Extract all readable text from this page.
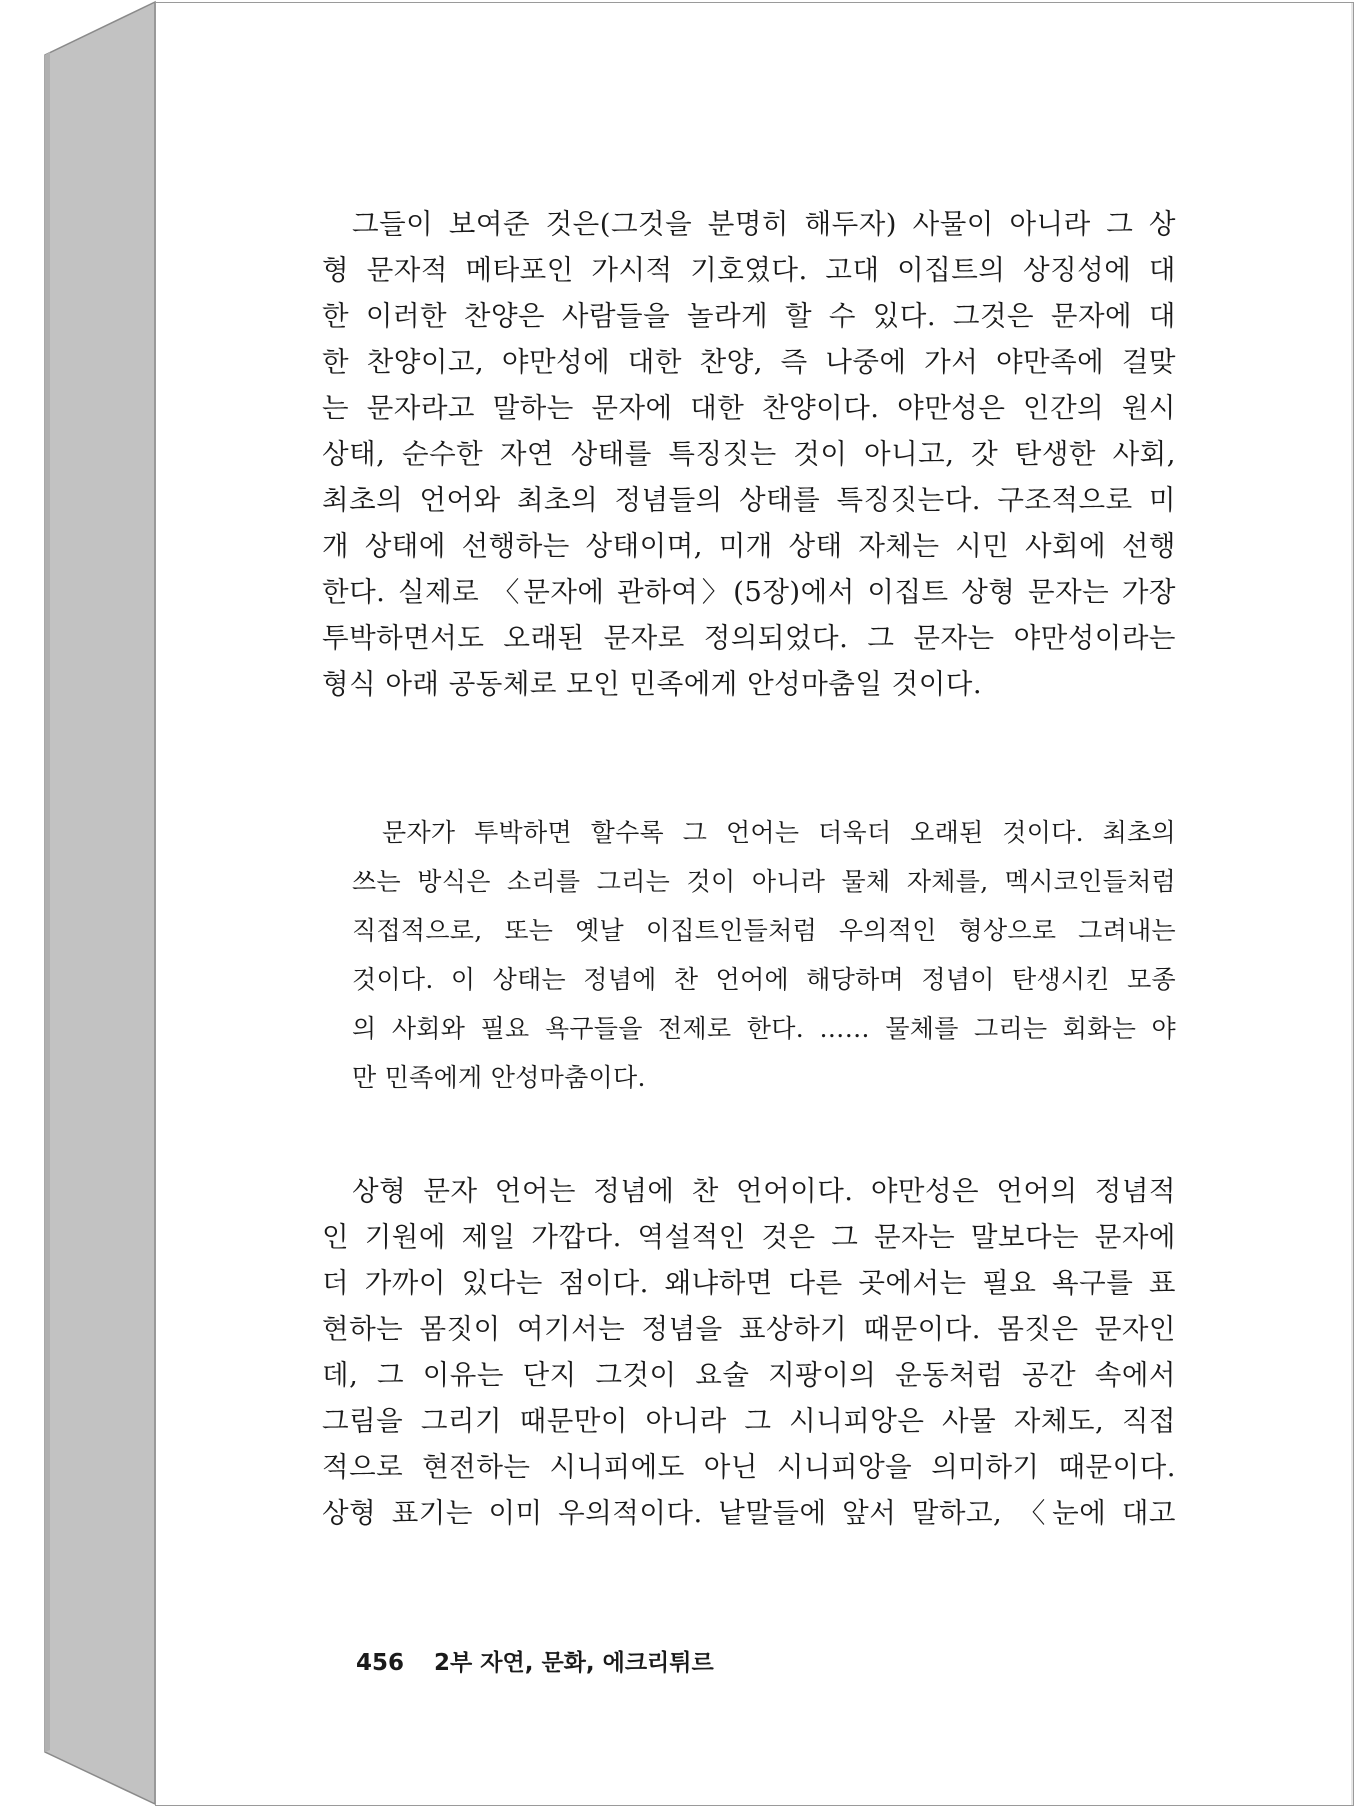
그들이 보여준 것은(그것을 분명히 해두자) 사물이 아니라 그 상
형 문자적 메타포인 가시적 기호였다. 고대 이집트의 상징성에 대
한 이러한 찬양은 사람들을 놀라게 할 수 있다. 그것은 문자에 대
한 찬양이고, 야만성에 대한 찬양, 즉 나중에 가서 야만족에 걸맞
는 문자라고 말하는 문자에 대한 찬양이다. 야만성은 인간의 원시
상태, 순수한 자연 상태를 특징짓는 것이 아니고, 갓 탄생한 사회,
최초의 언어와 최초의 정념들의 상태를 특징짓는다. 구조적으로 미
개 상태에 선행하는 상태이며, 미개 상태 자체는 시민 사회에 선행
한다. 실제로 〈문자에 관하여〉(5장)에서 이집트 상형 문자는 가장
투박하면서도 오래된 문자로 정의되었다. 그 문자는 야만성이라는
형식 아래 공동체로 모인 민족에게 안성마춤일 것이다.
문자가 투박하면 할수록 그 언어는 더욱더 오래된 것이다. 최초의
쓰는 방식은 소리를 그리는 것이 아니라 물체 자체를, 멕시코인들처럼
직접적으로, 또는 옛날 이집트인들처럼 우의적인 형상으로 그려내는
것이다. 이 상태는 정념에 찬 언어에 해당하며 정념이 탄생시킨 모종
의 사회와 필요 욕구들을 전제로 한다. …… 물체를 그리는 회화는 야
만 민족에게 안성마춤이다.
상형 문자 언어는 정념에 찬 언어이다. 야만성은 언어의 정념적
인 기원에 제일 가깝다. 역설적인 것은 그 문자는 말보다는 문자에
더 가까이 있다는 점이다. 왜냐하면 다른 곳에서는 필요 욕구를 표
현하는 몸짓이 여기서는 정념을 표상하기 때문이다. 몸짓은 문자인
데, 그 이유는 단지 그것이 요술 지팡이의 운동처럼 공간 속에서
그림을 그리기 때문만이 아니라 그 시니피앙은 사물 자체도, 직접
적으로 현전하는 시니피에도 아닌 시니피앙을 의미하기 때문이다.
상형 표기는 이미 우의적이다. 낱말들에 앞서 말하고, 〈눈에 대고
456 2부 자연, 문화, 에크리튀르
